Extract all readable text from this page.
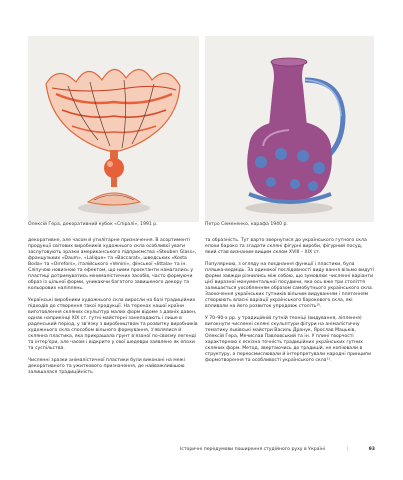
Олексій Гера, декоративний кубок «Спіралі», 1991 р.	Петро Семененко, карафа 1940 р.

декоративне, але часом й утилітарне призначення. В асортименті продукції світових виробників художнього скла особливої уваги заслуговують зразки американського підприємства «Steuben Glass», французьких «Daum», «Lalique» та «Baccarat», шведських «Kosta Boda» та «Orrefors», італійського «Venini», фінської «Iittala» та ін. Сліпучою новизною та ефектом, що ними проєктанти намагались у пластиці дотримуватись мінималістичних засобів, часто формуючи образ із цільної форми, уникаючи багатого завишеного декору та кольорових наліплень.

Українські виробники художнього скла виросли на базі традиційних підходів до створення такої продукції. На теренах нашої країни виготовлення скляних скульптур малих форм відоме з давніх давен, однак наприкінці ХІХ ст. гутні майстерні занепадають і лише в радянський період, у зв'язку з виробництвом та розвитку виробників художнього скла способом вільного формування, з'являлися й склянна пластика, яка прикрашала ґрунт в'язаної по-своєму легенді та інтер'єри, але часом і відкрите у свої шедеври заявлене як епохи та суспільства.

Численні зразки анімалістичної пластики були виконані на межі декоративного та ужиткового призначення, де найважливішою залишалася традиційність

та образність. Тут варто звернутися до українського гутного скла епохи бароко та згадати скляні фігурні вироби, фігурний посуд, який став визнаним вищим склом XVIII – XIX ст.

Популярною, з огляду на поєднання функції і пластики, була пляшка-ведмідь. За одинокої послідовності виду вання візьмо видуті форми завжди різнились між собою, що зумовлює численні варіанти цієї виразної монументальної посудини, яка ось вже три століття залишається уособленням образом самобутнього українського скла. Заохочення українських гутників вільним видуванням і плетенням створюють власні варіації українського барокового скла, які впливали на його розвиток упродовж століть¹⁰.

У 70–90-х рр. у традиційній гутній техніці (видування, ліплення) вигокнути численні скляні скульптури фігури на анімалістичну тематику львівські майстри Василь Дранук, Ярослав Мацьків, Олексій Гера, Мечислав Павловський та ін. У плині творчості характерною є ескізна точність традиційних українських гутних скляних форм. Метод, звертаючись до традицій, не копіювали в структуру, а переосмислювали й інтерпретували народні принципи формотворення та особливості українського скла¹¹.

Історичні передумови поширення студійного руху в Україні	|	93
